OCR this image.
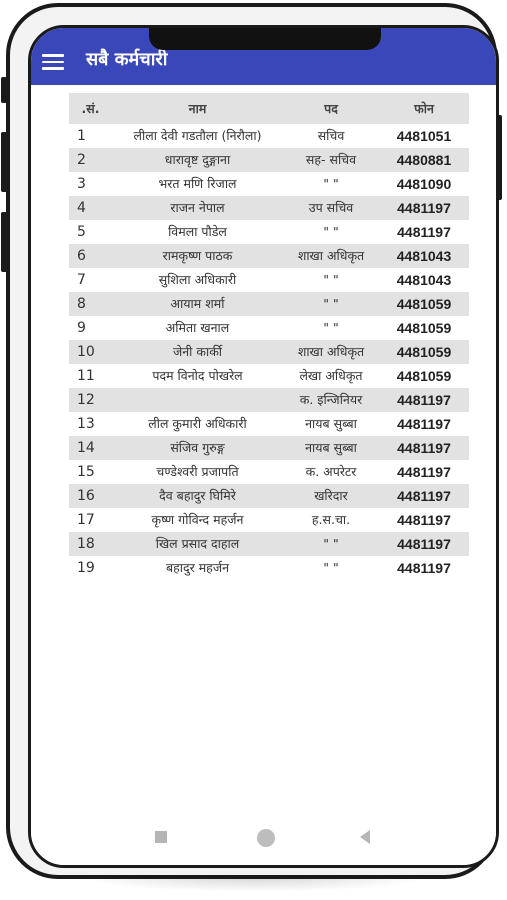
सबै कर्मचारी
.सं.	नाम	पद	फोन
1	लीला देवी गडतौला (निरौला)	सचिव	4481051
2	धारावृष्ट दुङ्गाना	सह- सचिव	4480881
3	भरत मणि रिजाल	" "	4481090
4	राजन नेपाल	उप सचिव	4481197
5	विमला पौडेल	" "	4481197
6	रामकृष्ण पाठक	शाखा अधिकृत	4481043
7	सुशिला अधिकारी	" "	4481043
8	आयाम शर्मा	" "	4481059
9	अमिता खनाल	" "	4481059
10	जेनी कार्की	शाखा अधिकृत	4481059
11	पदम विनोद पोखरेल	लेखा अधिकृत	4481059
12		क. इन्जिनियर	4481197
13	लील कुमारी अधिकारी	नायब सुब्बा	4481197
14	संजिव गुरुङ्ग	नायब सुब्बा	4481197
15	चण्डेश्वरी प्रजापति	क. अपरेटर	4481197
16	दैव बहादुर घिमिरे	खरिदार	4481197
17	कृष्ण गोविन्द महर्जन	ह.स.चा.	4481197
18	खिल प्रसाद दाहाल	" "	4481197
19	बहादुर महर्जन	" "	4481197
